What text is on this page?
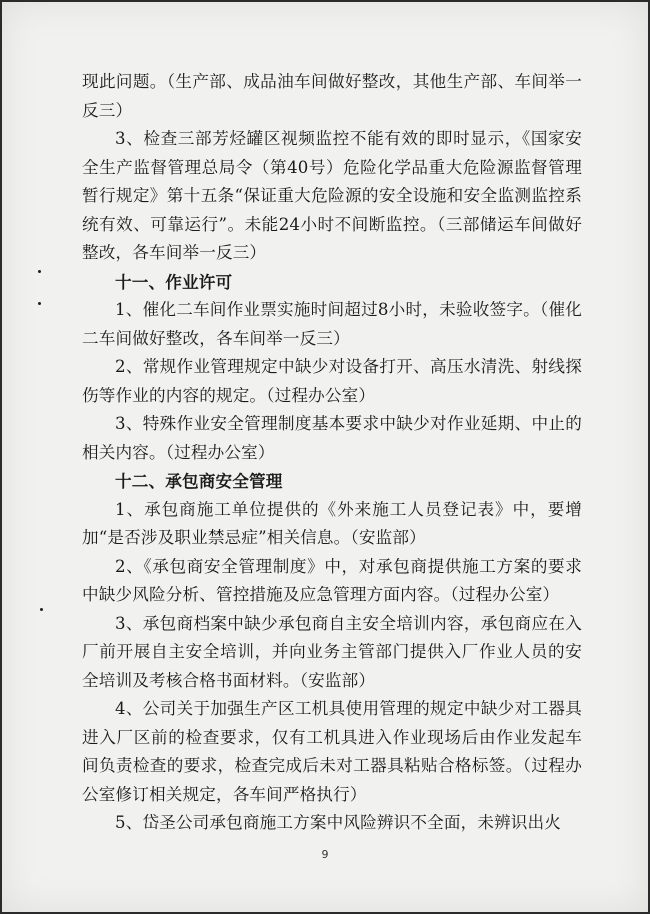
现此问题。（生产部、成品油车间做好整改，其他生产部、车间举一反三）

3、检查三部芳烃罐区视频监控不能有效的即时显示，《国家安全生产监督管理总局令（第40号）危险化学品重大危险源监督管理暂行规定》第十五条“保证重大危险源的安全设施和安全监测监控系统有效、可靠运行”。未能24小时不间断监控。（三部储运车间做好整改，各车间举一反三）

十一、作业许可

1、催化二车间作业票实施时间超过8小时，未验收签字。（催化二车间做好整改，各车间举一反三）

2、常规作业管理规定中缺少对设备打开、高压水清洗、射线探伤等作业的内容的规定。（过程办公室）

3、特殊作业安全管理制度基本要求中缺少对作业延期、中止的相关内容。（过程办公室）

十二、承包商安全管理

1、承包商施工单位提供的《外来施工人员登记表》中，要增加“是否涉及职业禁忌症”相关信息。（安监部）

2、《承包商安全管理制度》中，对承包商提供施工方案的要求中缺少风险分析、管控措施及应急管理方面内容。（过程办公室）

3、承包商档案中缺少承包商自主安全培训内容，承包商应在入厂前开展自主安全培训，并向业务主管部门提供入厂作业人员的安全培训及考核合格书面材料。（安监部）

4、公司关于加强生产区工机具使用管理的规定中缺少对工器具进入厂区前的检查要求，仅有工机具进入作业现场后由作业发起车间负责检查的要求，检查完成后未对工器具粘贴合格标签。（过程办公室修订相关规定，各车间严格执行）

5、岱圣公司承包商施工方案中风险辨识不全面，未辨识出火

9
